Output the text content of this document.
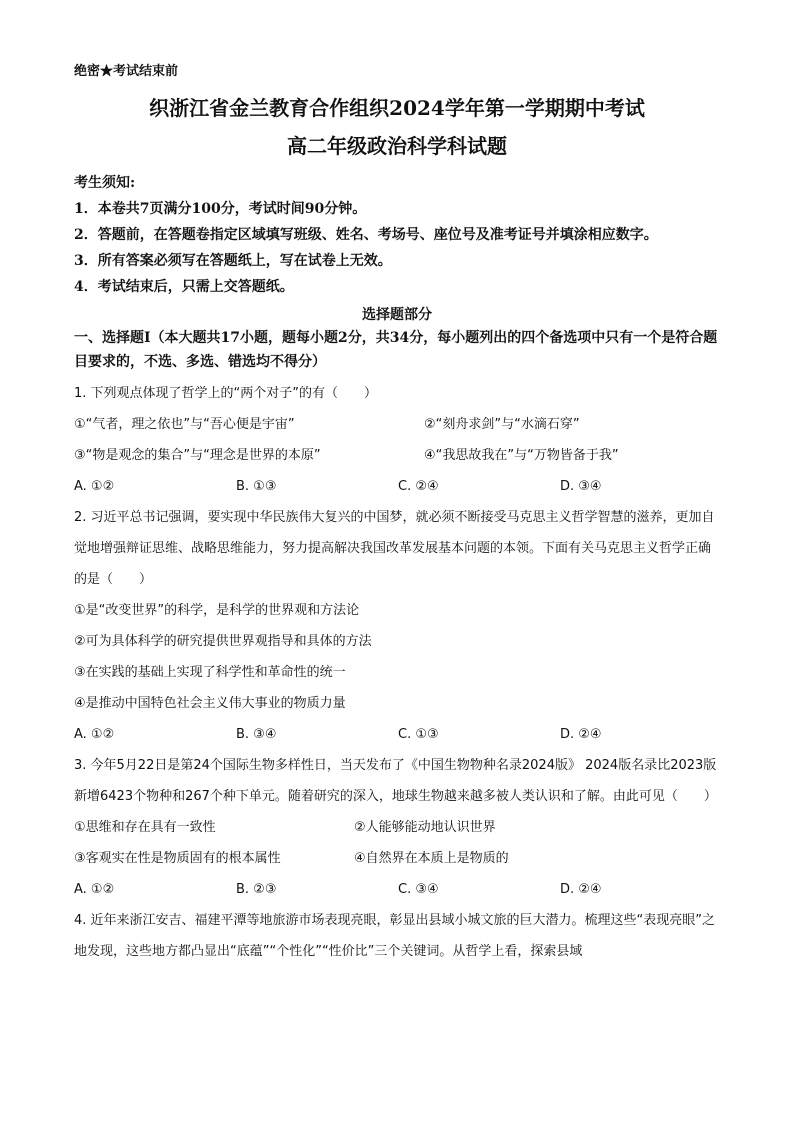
绝密★考试结束前

织浙江省金兰教育合作组织2024学年第一学期期中考试

高二年级政治科学科试题

考生须知:

1．本卷共7页满分100分，考试时间90分钟。

2．答题前，在答题卷指定区域填写班级、姓名、考场号、座位号及准考证号并填涂相应数字。

3．所有答案必须写在答题纸上，写在试卷上无效。

4．考试结束后，只需上交答题纸。

选择题部分

一、选择题Ⅰ（本大题共17小题，题每小题2分，共34分，每小题列出的四个备选项中只有一个是符合题目要求的，不选、多选、错选均不得分）

1. 下列观点体现了哲学上的“两个对子”的有（　　）

①“气者，理之依也”与“吾心便是宇宙”	②“刻舟求剑”与“水滴石穿”
③“物是观念的集合”与“理念是世界的本原”	④“我思故我在”与“万物皆备于我”
A. ①②	B. ①③	C. ②④	D. ③④

2. 习近平总书记强调，要实现中华民族伟大复兴的中国梦，就必须不断接受马克思主义哲学智慧的滋养，更加自觉地增强辩证思维、战略思维能力，努力提高解决我国改革发展基本问题的本领。下面有关马克思主义哲学正确的是（　　）

①是“改变世界”的科学，是科学的世界观和方法论

②可为具体科学的研究提供世界观指导和具体的方法

③在实践的基础上实现了科学性和革命性的统一

④是推动中国特色社会主义伟大事业的物质力量

A. ①②	B. ③④	C. ①③	D. ②④

3. 今年5月22日是第24个国际生物多样性日，当天发布了《中国生物物种名录2024版》 2024版名录比2023版新增6423个物种和267个种下单元。随着研究的深入，地球生物越来越多被人类认识和了解。由此可见（　　）

①思维和存在具有一致性	②人能够能动地认识世界
③客观实在性是物质固有的根本属性	④自然界在本质上是物质的
A. ①②	B. ②③	C. ③④	D. ②④

4. 近年来浙江安吉、福建平潭等地旅游市场表现亮眼，彰显出县域小城文旅的巨大潜力。梳理这些“表现亮眼”之地发现，这些地方都凸显出“底蕴”“个性化”“性价比”三个关键词。从哲学上看，探索县域
